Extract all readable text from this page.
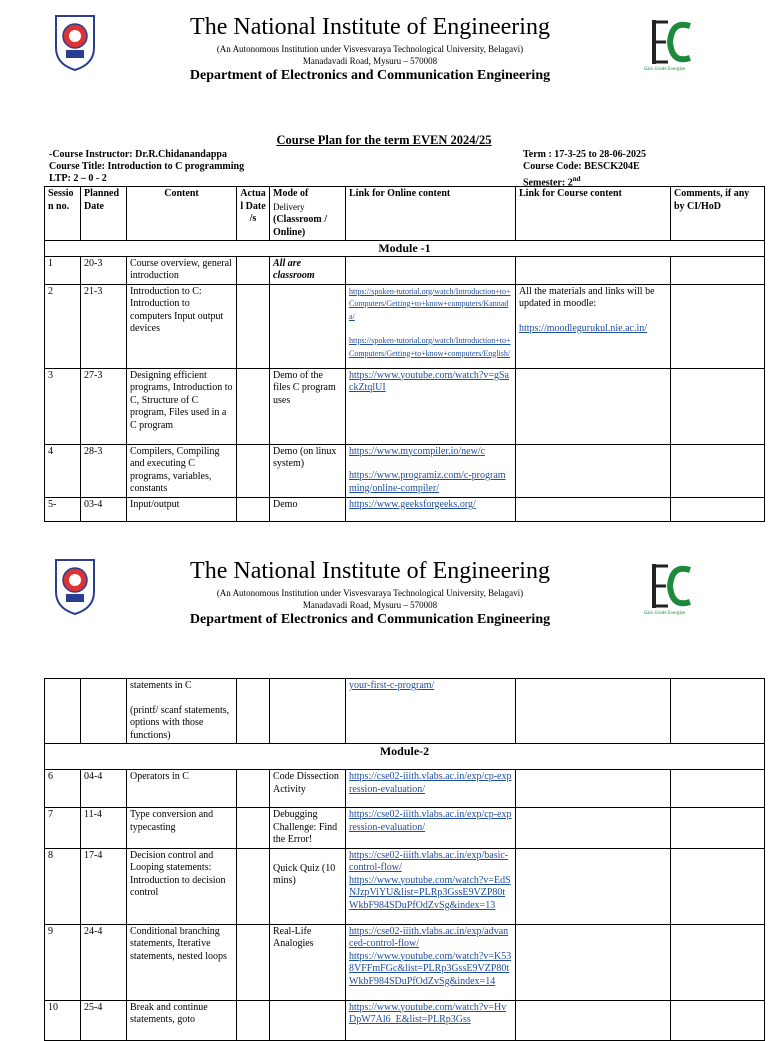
The National Institute of Engineering
(An Autonomous Institution under Visvesvaraya Technological University, Belagavi)
Manadavadi Road, Mysuru – 570008
Department of Electronics and Communication Engineering	Gain Grade Energize
Course Plan for the term EVEN 2024/25
-Course Instructor: Dr.R.Chidanandappa
Course Title: Introduction to C programming
LTP: 2 – 0 - 2
Term : 17-3-25 to 28-06-2025
Course Code: BESCK204E
Semester: 2nd
Session no.	Planned Date	Content	Actual Date /s	Mode of
Delivery
(Classroom / Online)	Link for Online content	Link for Course content	Comments, if any by CI/HoD
Module -1							
1	20-3	Course overview, general introduction		All are classroom			
2	21-3	Introduction to C: Introduction to computers Input output devices			https://spoken-tutorial.org/watch/Introduction+to+Computers/Getting+to+know+computers/Kannada/
https://spoken-tutorial.org/watch/Introduction+to+Computers/Getting+to+know+computers/English/	All the materials and links will be updated in moodle:
https://moodlegurukul.nie.ac.in/	
3	27-3	Designing efficient programs, Introduction to C, Structure of C program, Files used in a C program		Demo of the files C program uses	https://www.youtube.com/watch?v=gSackZtqlUI		
4	28-3	Compilers, Compiling and executing C programs, variables, constants		Demo (on linux system)	https://www.mycompiler.io/new/c
https://www.programiz.com/c-programming/online-compiler/		
5-	03-4	Input/output		Demo	https://www.geeksforgeeks.org/		
The National Institute of Engineering
(An Autonomous Institution under Visvesvaraya Technological University, Belagavi)
Manadavadi Road, Mysuru – 570008
Department of Electronics and Communication Engineering	Gain Grade Energize
		statements in C
(printf/ scanf statements, options with those functions)			your-first-c-program/		
Module-2							
6	04-4	Operators in C		Code Dissection Activity	https://cse02-iiith.vlabs.ac.in/exp/cp-expression-evaluation/		
7	11-4	Type conversion and typecasting		Debugging Challenge: Find the Error!	https://cse02-iiith.vlabs.ac.in/exp/cp-expression-evaluation/		
8	17-4	Decision control and Looping statements: Introduction to decision control		Quick Quiz (10 mins)	https://cse02-iiith.vlabs.ac.in/exp/basic-control-flow/
https://www.youtube.com/watch?v=EdSNJzpViYU&list=PLRp3GssE9VZP80tWkbF984SDuPfOdZvSg&index=13		
9	24-4	Conditional branching statements, Iterative statements, nested loops		Real-Life Analogies	https://cse02-iiith.vlabs.ac.in/exp/advanced-control-flow/
https://www.youtube.com/watch?v=K538VFFmFGc&list=PLRp3GssE9VZP80tWkbF984SDuPfOdZvSg&index=14		
10	25-4	Break and continue statements, goto			https://www.youtube.com/watch?v=HvDpW7Al6_E&list=PLRp3Gss		
